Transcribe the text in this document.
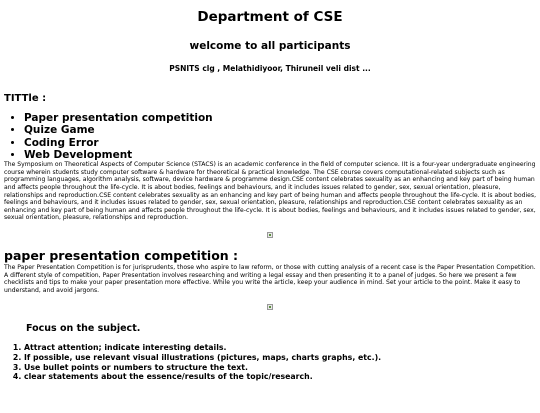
Department of CSE
welcome to all participants
PSNITS clg , Melathidiyoor, Thiruneil veli dist ...
TITTle :
• Paper presentation competition
• Quize Game
• Coding Error
• Web Development

The Symposium on Theoretical Aspects of Computer Science (STACS) is an academic conference in the field of computer science. IIt is a four-year undergraduate engineering course wherein students study computer software & hardware for theoretical & practical knowledge. The CSE course covers computational-related subjects such as programming languages, algorithm analysis, software, device hardware & programme design.CSE content celebrates sexuality as an enhancing and key part of being human and affects people throughout the life-cycle. It is about bodies, feelings and behaviours, and it includes issues related to gender, sex, sexual orientation, pleasure, relationships and reproduction.CSE content celebrates sexuality as an enhancing and key part of being human and affects people throughout the life-cycle. It is about bodies, feelings and behaviours, and it includes issues related to gender, sex, sexual orientation, pleasure, relationships and reproduction.CSE content celebrates sexuality as an enhancing and key part of being human and affects people throughout the life-cycle. It is about bodies, feelings and behaviours, and it includes issues related to gender, sex, sexual orientation, pleasure, relationships and reproduction.

paper presentation competition :

The Paper Presentation Competition is for jurisprudents, those who aspire to law reform, or those with cutting analysis of a recent case is the Paper Presentation Competition. A different style of competition, Paper Presentation involves researching and writing a legal essay and then presenting it to a panel of judges. So here we present a few checklists and tips to make your paper presentation more effective. While you write the article, keep your audience in mind. Set your article to the point. Make it easy to understand, and avoid jargons.

Focus on the subject.
1. Attract attention; indicate interesting details.
2. If possible, use relevant visual illustrations (pictures, maps, charts graphs, etc.).
3. Use bullet points or numbers to structure the text.
4. clear statements about the essence/results of the topic/research.
